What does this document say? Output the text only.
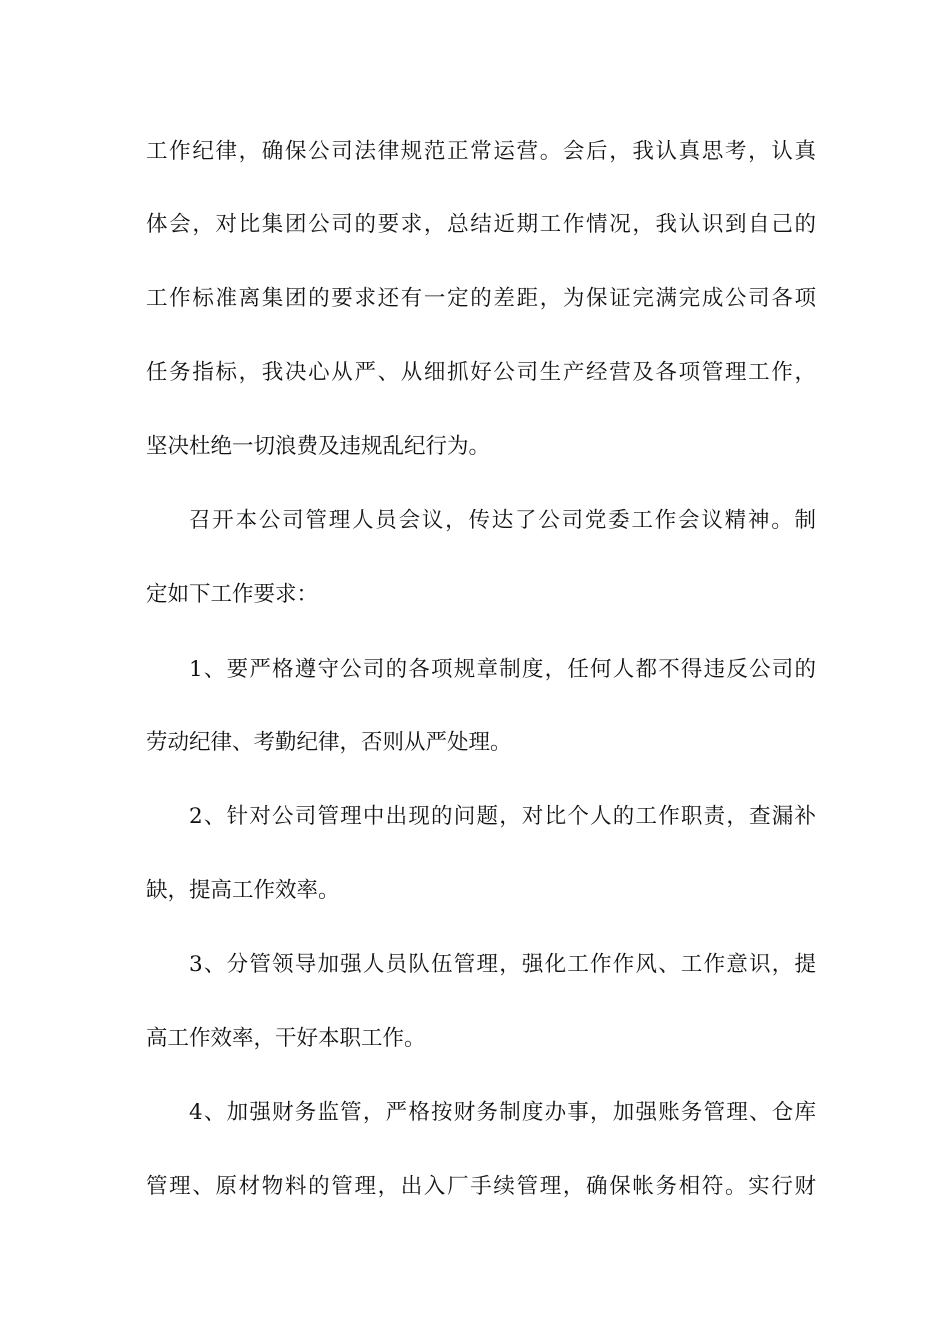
工作纪律，确保公司法律规范正常运营。会后，我认真思考，认真
体会，对比集团公司的要求，总结近期工作情况，我认识到自己的
工作标准离集团的要求还有一定的差距，为保证完满完成公司各项
任务指标，我决心从严、从细抓好公司生产经营及各项管理工作，
坚决杜绝一切浪费及违规乱纪行为。
召开本公司管理人员会议，传达了公司党委工作会议精神。制
定如下工作要求：
1、要严格遵守公司的各项规章制度，任何人都不得违反公司的
劳动纪律、考勤纪律，否则从严处理。
2、针对公司管理中出现的问题，对比个人的工作职责，查漏补
缺，提高工作效率。
3、分管领导加强人员队伍管理，强化工作作风、工作意识，提
高工作效率，干好本职工作。
4、加强财务监管，严格按财务制度办事，加强账务管理、仓库
管理、原材物料的管理，出入厂手续管理，确保帐务相符。实行财
